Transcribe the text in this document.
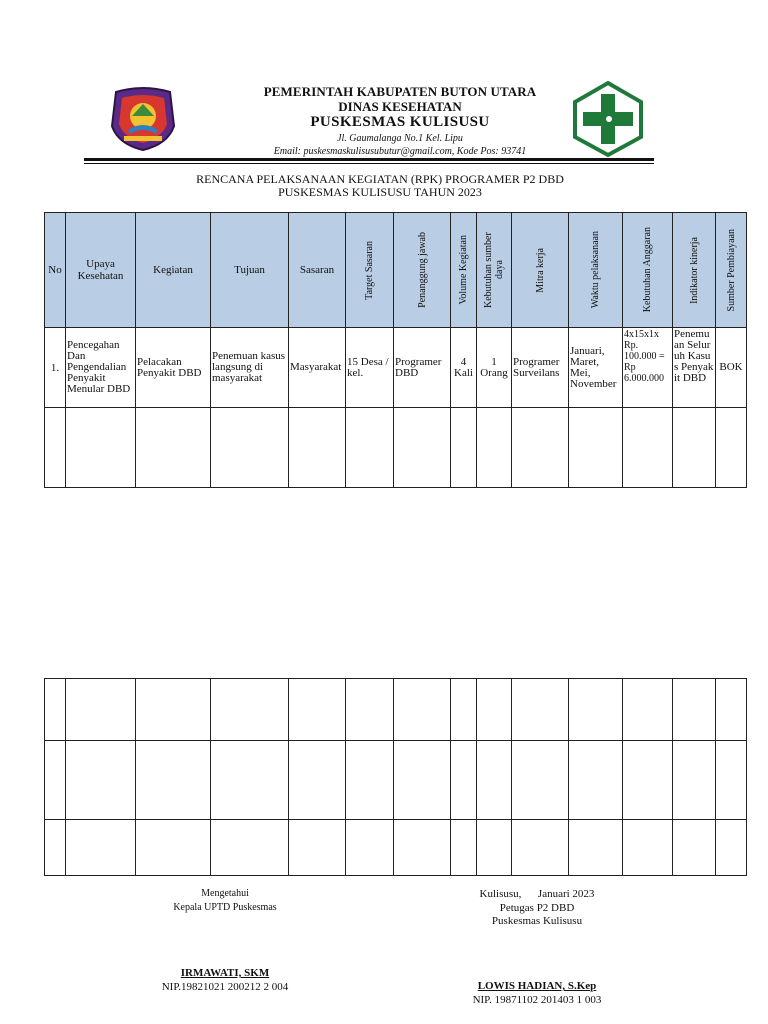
PEMERINTAH KABUPATEN BUTON UTARA
DINAS KESEHATAN
PUSKESMAS KULISUSU
Jl. Gaumalanga No.1 Kel. Lipu
Email: puskesmaskulisusubutur@gmail.com, Kode Pos: 93741
RENCANA PELAKSANAAN KEGIATAN (RPK) PROGRAMER P2 DBD
PUSKESMAS KULISUSU TAHUN 2023
No	Upaya Kesehatan	Kegiatan	Tujuan	Sasaran	Target Sasaran	Penanggung jawab	Volume Kegiatan	Kebutuhan sumber daya	Mitra kerja	Waktu pelaksanaan	Kebutuhan Anggaran	Indikator kinerja	Sumber Pembiayaan

1.	Pencegahan Dan Pengendalian Penyakit Menular DBD	Pelacakan Penyakit DBD	Penemuan kasus langsung di masyarakat	Masyarakat	15 Desa / kel.	Programer DBD	4 Kali	1 Orang	Programer Surveilans	Januari, Maret, Mei, November	4x15x1x Rp. 100.000 = Rp 6.000.000	Penemuan Seluruh Kasus Penyakit DBD	BOK

Mengetahui
Kepala UPTD Puskesmas
IRMAWATI, SKM
NIP.19821021 200212 2 004
Kulisusu,      Januari 2023
Petugas P2 DBD
Puskesmas Kulisusu
LOWIS HADIAN, S.Kep
NIP. 19871102 201403 1 003
